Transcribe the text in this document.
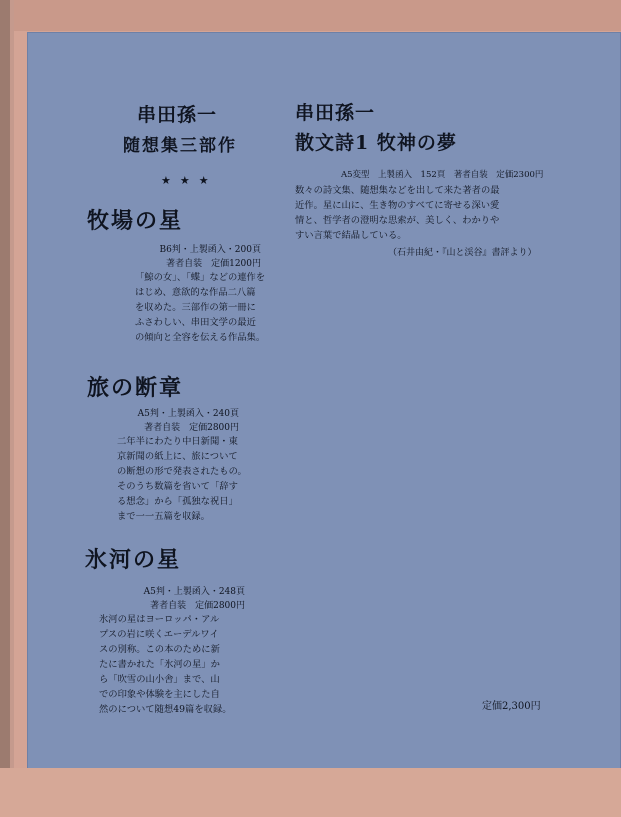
串田孫一
随想集三部作
★★★
牧場の星
B6判・上製函入・200頁
著者自装　定価1200円
「鯨の女」、「蝶」などの連作を
はじめ、意欲的な作品二八篇
を収めた。三部作の第一冊に
ふさわしい、串田文学の最近
の傾向と全容を伝える作品集。
旅の断章
A5判・上製函入・240頁
著者自装　定価2800円
二年半にわたり中日新聞・東
京新聞の紙上に、旅について
の断想の形で発表されたもの。
そのうち数篇を省いて「辞す
る想念」から「孤独な祝日」
まで一一五篇を収録。
氷河の星
A5判・上製函入・248頁
著者自装　定価2800円
氷河の星はヨーロッパ・アル
プスの岩に咲くエーデルワイ
スの別称。この本のために新
たに書かれた「氷河の星」か
ら「吹雪の山小舎」まで、山
での印象や体験を主にした自
然のについて随想49篇を収録。
串田孫一
散文詩1 牧神の夢
A5変型　上製函入　152頁　著者自装　定価2300円
数々の詩文集、随想集などを出して来た著者の最
近作。星に山に、生き物のすべてに寄せる深い愛
情と、哲学者の澄明な思索が、美しく、わかりや
すい言葉で結晶している。
（石井由紀・『山と渓谷』書評より）
定価2,300円
